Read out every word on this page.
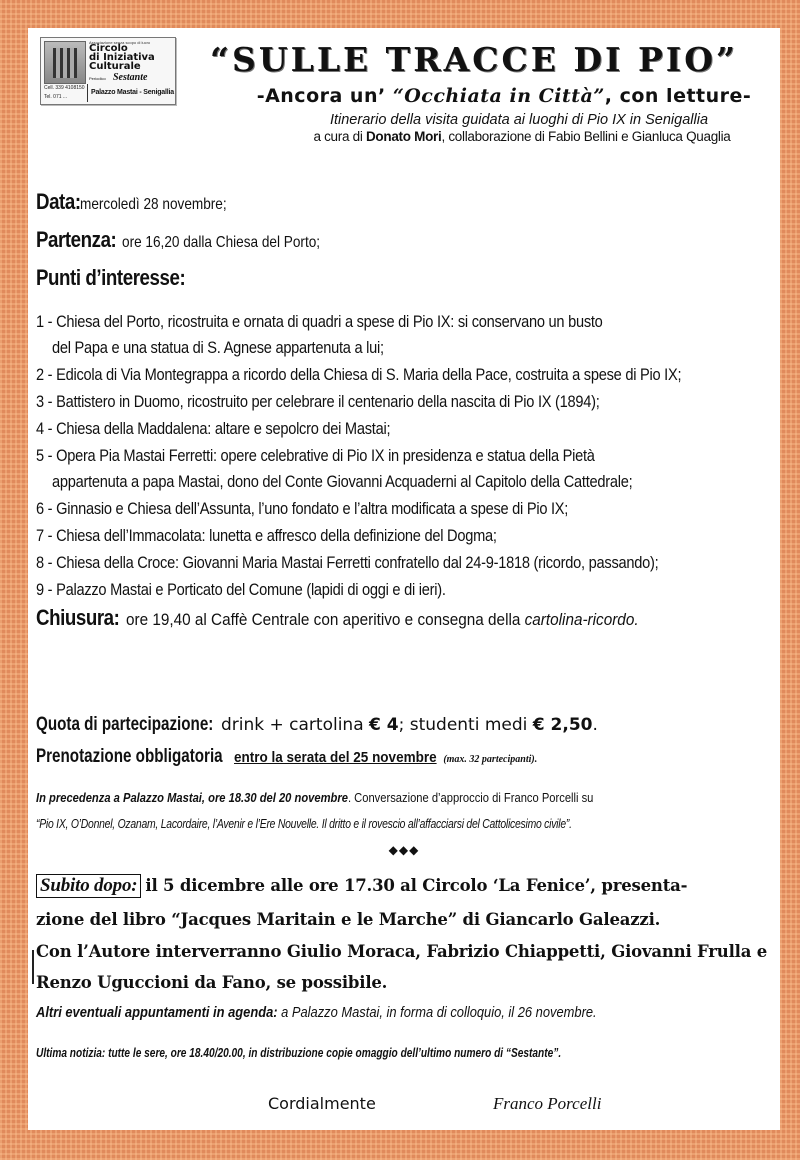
Associazione senza scopo di lucro
Circolo
di Iniziativa
Culturale
Periodico Sestante
Cell. 339 4108150
Tel. 071 ...
Palazzo Mastai - Senigallia
“SULLE TRACCE DI PIO”
-Ancora un’ “Occhiata in Città”, con letture-
Itinerario della visita guidata ai luoghi di Pio IX in Senigallia
a cura di Donato Mori, collaborazione di Fabio Bellini e Gianluca Quaglia
Data: mercoledì 28 novembre;
Partenza: ore 16,20 dalla Chiesa del Porto;
Punti d’interesse:
1 - Chiesa del Porto, ricostruita e ornata di quadri a spese di Pio IX: si conservano un busto
del Papa e una statua di S. Agnese appartenuta a lui;
2 - Edicola di Via Montegrappa a ricordo della Chiesa di S. Maria della Pace, costruita a spese di Pio IX;
3 - Battistero in Duomo, ricostruito per celebrare il centenario della nascita di Pio IX (1894);
4 - Chiesa della Maddalena: altare e sepolcro dei Mastai;
5 - Opera Pia Mastai Ferretti: opere celebrative di Pio IX in presidenza e statua della Pietà
appartenuta a papa Mastai, dono del Conte Giovanni Acquaderni al Capitolo della Cattedrale;
6 - Ginnasio e Chiesa dell’Assunta, l’uno fondato e l’altra modificata a spese di Pio IX;
7 - Chiesa dell’Immacolata: lunetta e affresco della definizione del Dogma;
8 - Chiesa della Croce: Giovanni Maria Mastai Ferretti confratello dal 24-9-1818 (ricordo, passando);
9 - Palazzo Mastai e Porticato del Comune (lapidi di oggi e di ieri).
Chiusura: ore 19,40 al Caffè Centrale con aperitivo e consegna della cartolina-ricordo.
Quota di partecipazione: drink + cartolina € 4; studenti medi € 2,50.
Prenotazione obbligatoria entro la serata del 25 novembre (max. 32 partecipanti).
In precedenza a Palazzo Mastai, ore 18.30 del 20 novembre. Conversazione d’approccio di Franco Porcelli su
“Pio IX, O’Donnel, Ozanam, Lacordaire, l’Avenir e l’Ere Nouvelle. Il dritto e il rovescio all’affacciarsi del Cattolicesimo civile”.
◆◆◆
Subito dopo: il 5 dicembre alle ore 17.30 al Circolo ‘La Fenice’, presenta-
zione del libro “Jacques Maritain e le Marche” di Giancarlo Galeazzi.
Con l’Autore interverranno Giulio Moraca, Fabrizio Chiappetti, Giovanni Frulla e
Renzo Uguccioni da Fano, se possibile.
Altri eventuali appuntamenti in agenda: a Palazzo Mastai, in forma di colloquio, il 26 novembre.
Ultima notizia: tutte le sere, ore 18.40/20.00, in distribuzione copie omaggio dell’ultimo numero di “Sestante”.
Cordialmente	Franco Porcelli
